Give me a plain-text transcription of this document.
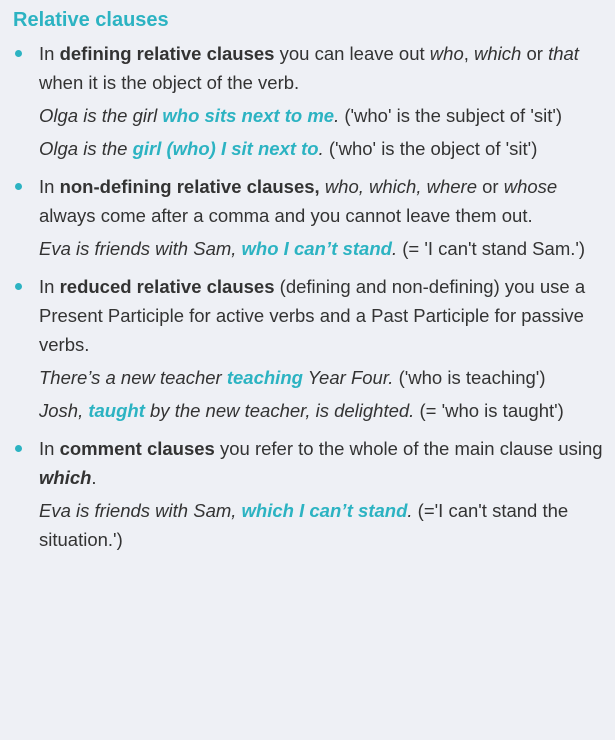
Relative clauses

In defining relative clauses you can leave out who, which or that when it is the object of the verb.

Olga is the girl who sits next to me. ('who' is the subject of 'sit')

Olga is the girl (who) I sit next to. ('who' is the object of 'sit')

In non-defining relative clauses, who, which, where or whose always come after a comma and you cannot leave them out.

Eva is friends with Sam, who I can’t stand. (= 'I can't stand Sam.')

In reduced relative clauses (defining and non-defining) you use a Present Participle for active verbs and a Past Participle for passive verbs.

There’s a new teacher teaching Year Four. ('who is teaching')

Josh, taught by the new teacher, is delighted. (= 'who is taught')

In comment clauses you refer to the whole of the main clause using which.

Eva is friends with Sam, which I can’t stand. (='I can't stand the situation.')
